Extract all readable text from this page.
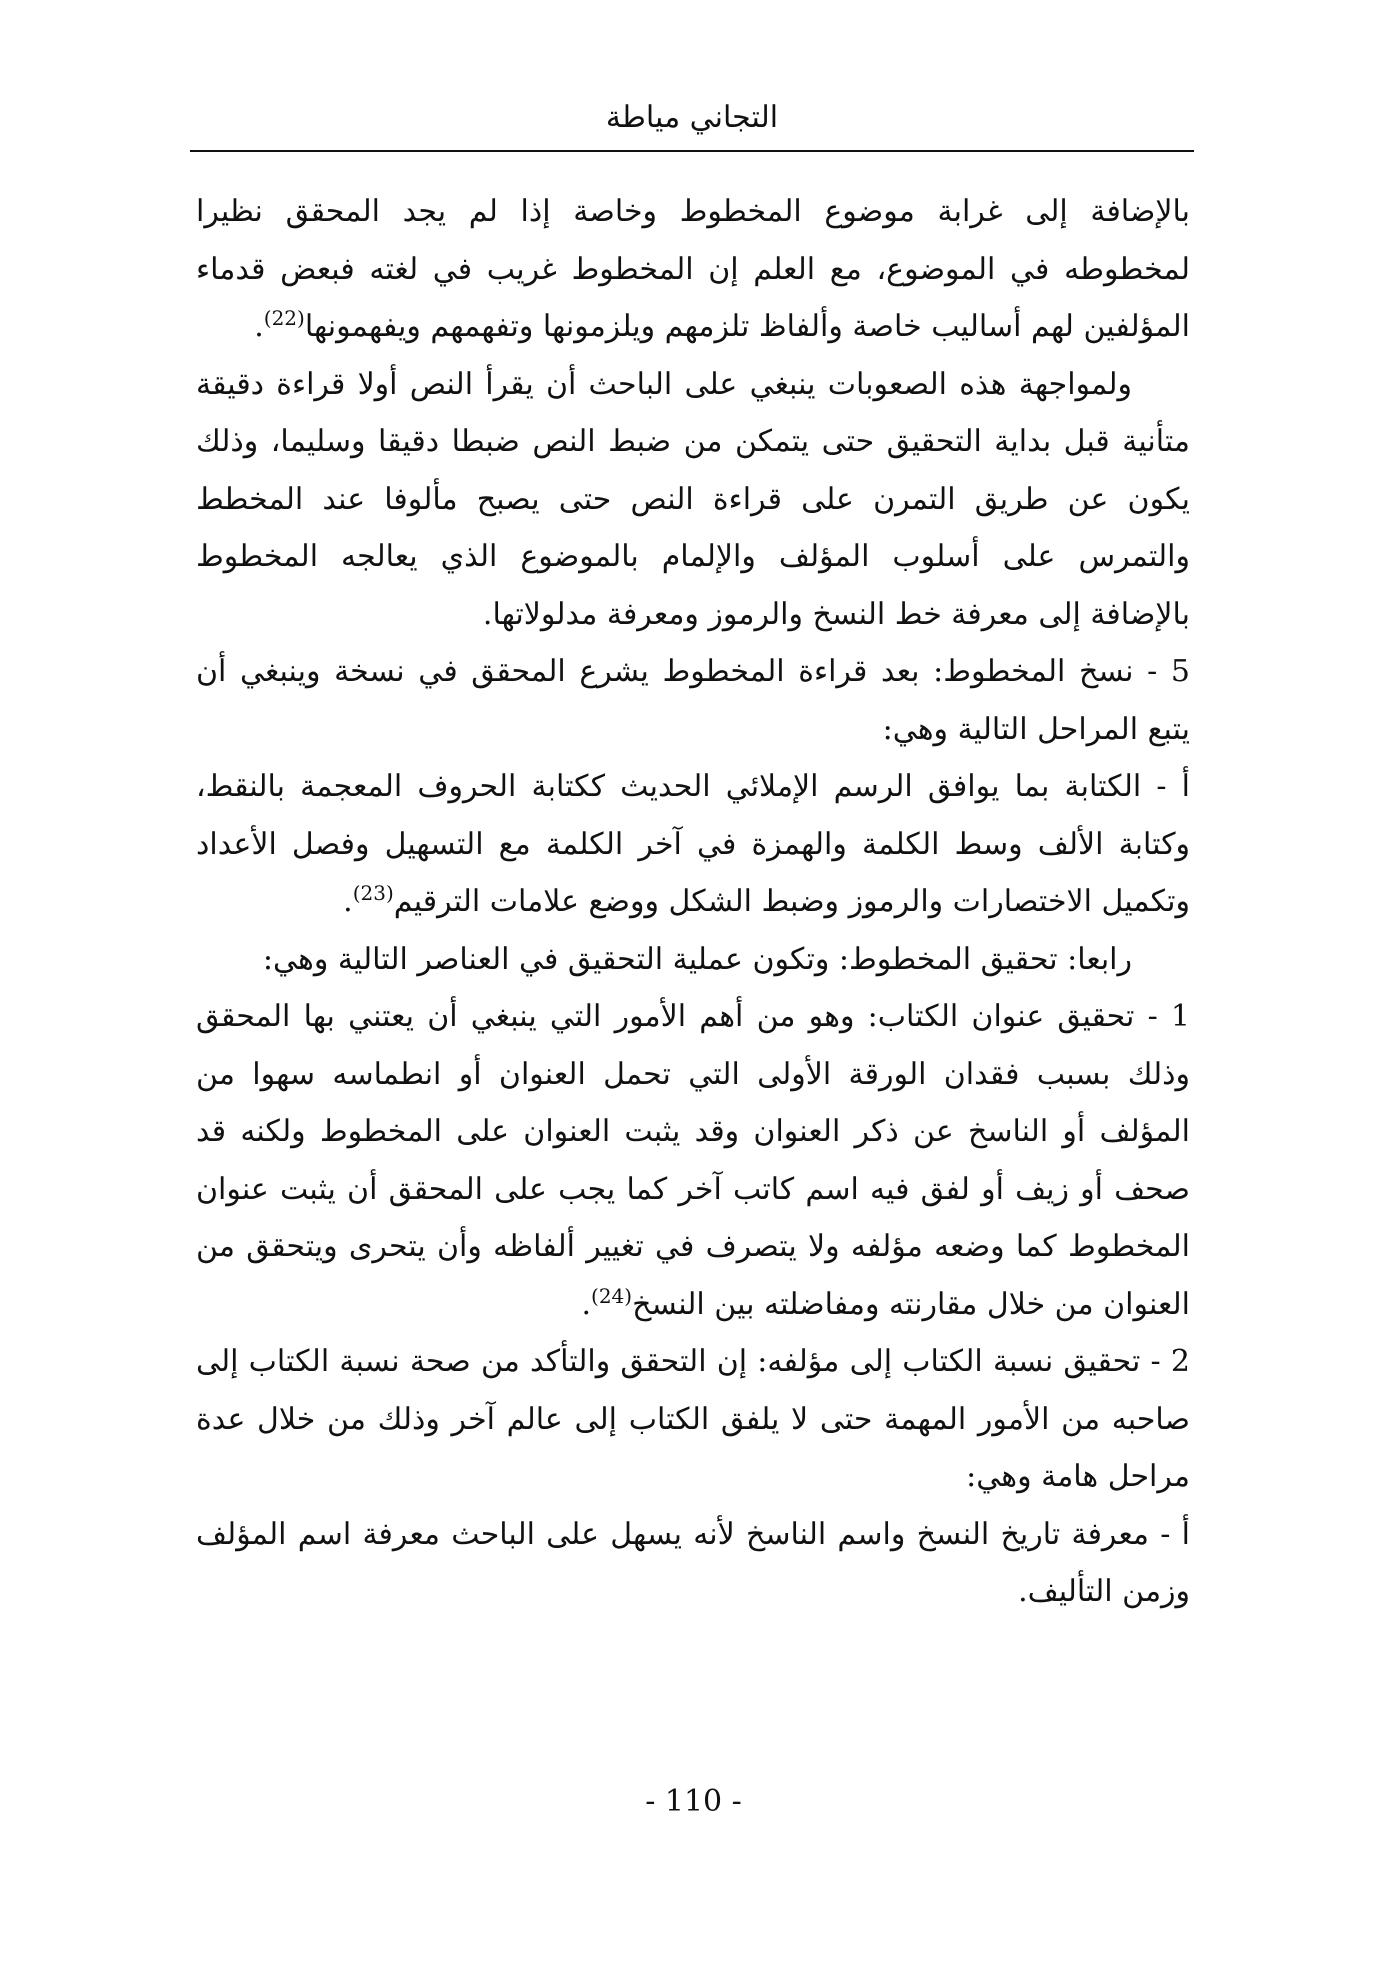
التجاني مياطة

بالإضافة إلى غرابة موضوع المخطوط وخاصة إذا لم يجد المحقق نظيرا لمخطوطه في الموضوع، مع العلم إن المخطوط غريب في لغته فبعض قدماء المؤلفين لهم أساليب خاصة وألفاظ تلزمهم ويلزمونها وتفهمهم ويفهمونها$^{(22)}$.

ولمواجهة هذه الصعوبات ينبغي على الباحث أن يقرأ النص أولا قراءة دقيقة متأنية قبل بداية التحقيق حتى يتمكن من ضبط النص ضبطا دقيقا وسليما، وذلك يكون عن طريق التمرن على قراءة النص حتى يصبح مألوفا عند المخطط والتمرس على أسلوب المؤلف والإلمام بالموضوع الذي يعالجه المخطوط بالإضافة إلى معرفة خط النسخ والرموز ومعرفة مدلولاتها.

5 - نسخ المخطوط: بعد قراءة المخطوط يشرع المحقق في نسخة وينبغي أن يتبع المراحل التالية وهي:

أ - الكتابة بما يوافق الرسم الإملائي الحديث ككتابة الحروف المعجمة بالنقط، وكتابة الألف وسط الكلمة والهمزة في آخر الكلمة مع التسهيل وفصل الأعداد وتكميل الاختصارات والرموز وضبط الشكل ووضع علامات الترقيم$^{(23)}$.

رابعا: تحقيق المخطوط: وتكون عملية التحقيق في العناصر التالية وهي:

1 - تحقيق عنوان الكتاب: وهو من أهم الأمور التي ينبغي أن يعتني بها المحقق وذلك بسبب فقدان الورقة الأولى التي تحمل العنوان أو انطماسه سهوا من المؤلف أو الناسخ عن ذكر العنوان وقد يثبت العنوان على المخطوط ولكنه قد صحف أو زيف أو لفق فيه اسم كاتب آخر كما يجب على المحقق أن يثبت عنوان المخطوط كما وضعه مؤلفه ولا يتصرف في تغيير ألفاظه وأن يتحرى ويتحقق من العنوان من خلال مقارنته ومفاضلته بين النسخ$^{(24)}$.

2 - تحقيق نسبة الكتاب إلى مؤلفه: إن التحقق والتأكد من صحة نسبة الكتاب إلى صاحبه من الأمور المهمة حتى لا يلفق الكتاب إلى عالم آخر وذلك من خلال عدة مراحل هامة وهي:

أ - معرفة تاريخ النسخ واسم الناسخ لأنه يسهل على الباحث معرفة اسم المؤلف وزمن التأليف.

- 110 -
